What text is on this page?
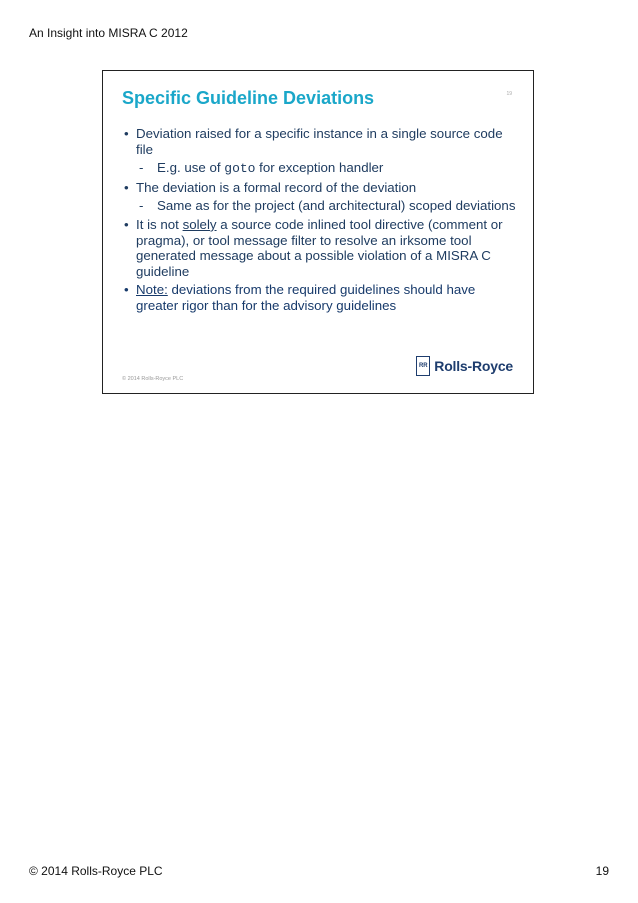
An Insight into MISRA C 2012
Specific Guideline Deviations	19
• Deviation raised for a specific instance in a single source code file
- E.g. use of goto for exception handler
• The deviation is a formal record of the deviation
- Same as for the project (and architectural) scoped deviations
• It is not solely a source code inlined tool directive (comment or pragma), or tool message filter to resolve an irksome tool generated message about a possible violation of a MISRA C guideline
• Note: deviations from the required guidelines should have greater rigor than for the advisory guidelines
© 2014 Rolls-Royce PLC
RR Rolls-Royce
© 2014 Rolls-Royce PLC	19
